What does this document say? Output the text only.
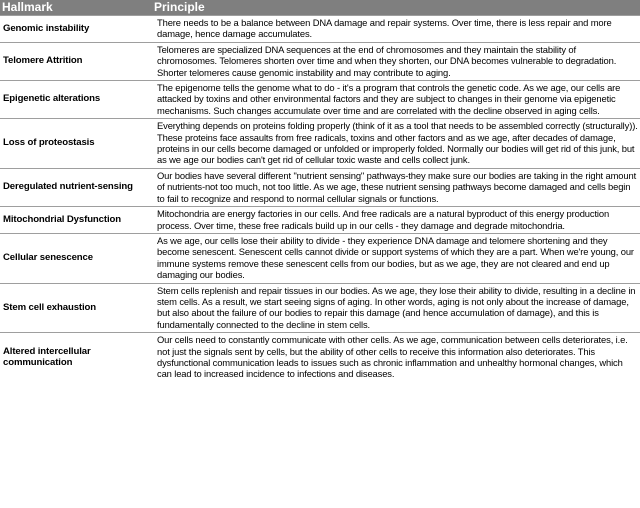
Hallmark	Principle
Genomic instability	There needs to be a balance between DNA damage and repair systems. Over time, there is less repair and more damage, hence damage accumulates.
Telomere Attrition	Telomeres are specialized DNA sequences at the end of chromosomes and they maintain the stability of chromosomes. Telomeres shorten over time and when they shorten, our DNA becomes vulnerable to degradation. Shorter telomeres cause genomic instability and may contribute to aging.
Epigenetic alterations	The epigenome tells the genome what to do - it's a program that controls the genetic code. As we age, our cells are attacked by toxins and other environmental factors and they are subject to changes in their genome via epigenetic mechanisms. Such changes accumulate over time and are correlated with the decline observed in aging cells.
Loss of proteostasis	Everything depends on proteins folding properly (think of it as a tool that needs to be assembled correctly (structurally)). These proteins face assaults from free radicals, toxins and other factors and as we age, after decades of damage, proteins in our cells become damaged or unfolded or improperly folded. Normally our bodies will get rid of this junk, but as we age our bodies can't get rid of cellular toxic waste and cells collect junk.
Deregulated nutrient-sensing	Our bodies have several different "nutrient sensing" pathways-they make sure our bodies are taking in the right amount of nutrients-not too much, not too little. As we age, these nutrient sensing pathways become damaged and cells begin to fail to recognize and respond to normal cellular signals or functions.
Mitochondrial Dysfunction	Mitochondria are energy factories in our cells. And free radicals are a natural byproduct of this energy production process. Over time, these free radicals build up in our cells - they damage and degrade mitochondria.
Cellular senescence	As we age, our cells lose their ability to divide - they experience DNA damage and telomere shortening and they become senescent. Senescent cells cannot divide or support systems of which they are a part. When we're young, our immune systems remove these senescent cells from our bodies, but as we age, they are not cleared and end up damaging our bodies.
Stem cell exhaustion	Stem cells replenish and repair tissues in our bodies. As we age, they lose their ability to divide, resulting in a decline in stem cells. As a result, we start seeing signs of aging. In other words, aging is not only about the increase of damage, but also about the failure of our bodies to repair this damage (and hence accumulation of damage), and this is fundamentally connected to the decline in stem cells.
Altered intercellular communication	Our cells need to constantly communicate with other cells. As we age, communication between cells deteriorates, i.e. not just the signals sent by cells, but the ability of other cells to receive this information also deteriorates. This dysfunctional communication leads to issues such as chronic inflammation and unhealthy hormonal changes, which can lead to increased incidence to infections and diseases.
